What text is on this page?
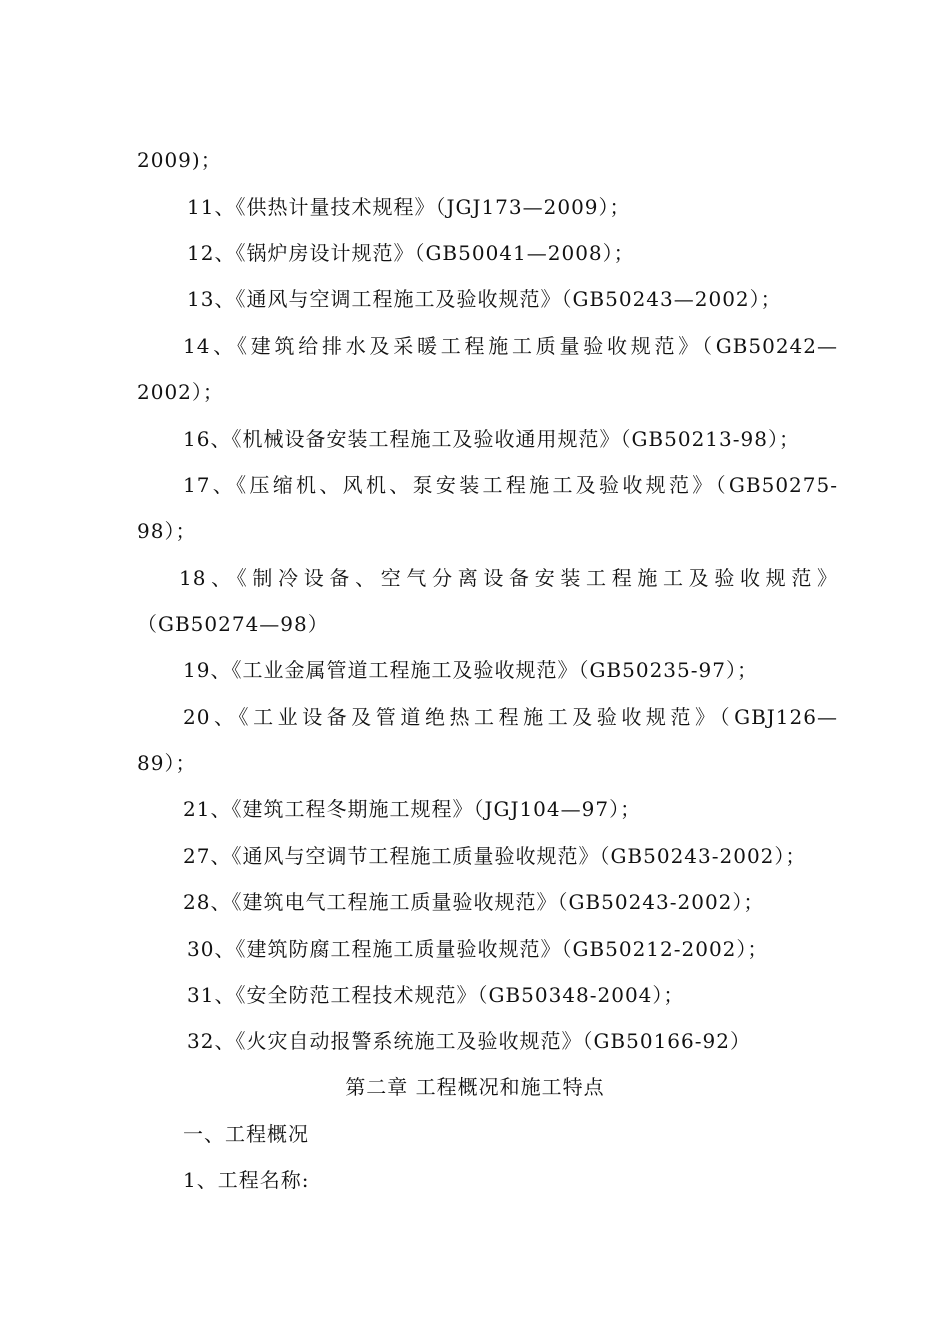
2009)；
11、《供热计量技术规程》（JGJ173—2009）；
12、《锅炉房设计规范》（GB50041—2008）；
13、《通风与空调工程施工及验收规范》（GB50243—2002）；
14、《建筑给排水及采暖工程施工质量验收规范》（GB50242—
2002）；
16、《机械设备安装工程施工及验收通用规范》（GB50213-98）；
17、《压缩机、风机、泵安装工程施工及验收规范》（GB50275-
98）；
18、《制冷设备、空气分离设备安装工程施工及验收规范》
（GB50274—98）
19、《工业金属管道工程施工及验收规范》（GB50235-97）；
20、《工业设备及管道绝热工程施工及验收规范》（GBJ126—
89）；
21、《建筑工程冬期施工规程》（JGJ104—97）；
27、《通风与空调节工程施工质量验收规范》（GB50243-2002）；
28、《建筑电气工程施工质量验收规范》（GB50243-2002）；
30、《建筑防腐工程施工质量验收规范》（GB50212-2002）；
31、《安全防范工程技术规范》（GB50348-2004）；
32、《火灾自动报警系统施工及验收规范》（GB50166-92）
第二章 工程概况和施工特点
一、工程概况
1、工程名称:
